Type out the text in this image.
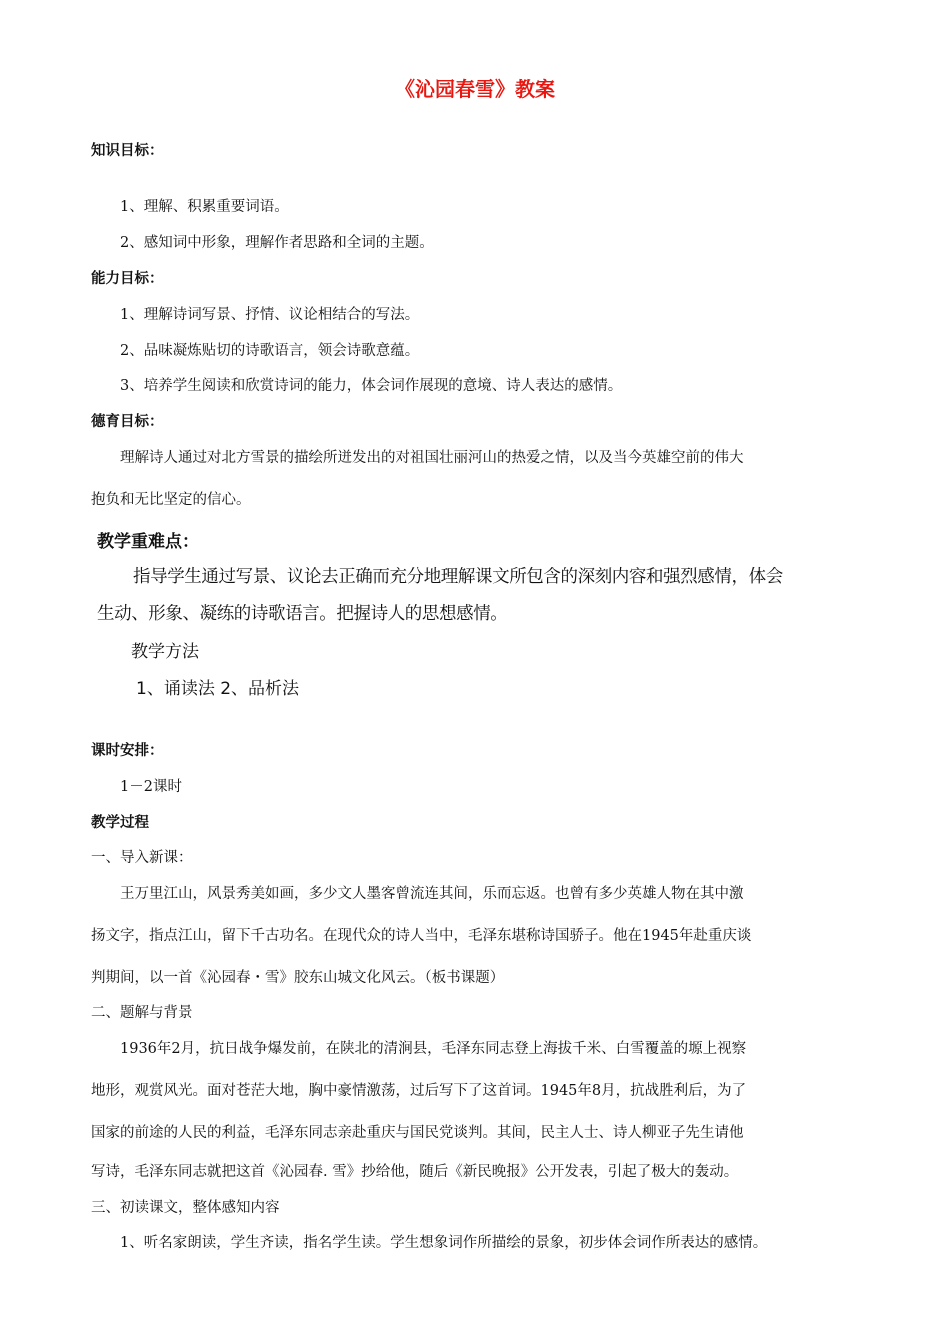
《沁园春雪》教案

知识目标：

1、理解、积累重要词语。

2、感知词中形象，理解作者思路和全词的主题。

能力目标：

1、理解诗词写景、抒情、议论相结合的写法。

2、品味凝炼贴切的诗歌语言，领会诗歌意蕴。

3、培养学生阅读和欣赏诗词的能力，体会词作展现的意境、诗人表达的感情。

德育目标：

理解诗人通过对北方雪景的描绘所迸发出的对祖国壮丽河山的热爱之情，以及当今英雄空前的伟大

抱负和无比坚定的信心。

教学重难点：

指导学生通过写景、议论去正确而充分地理解课文所包含的深刻内容和强烈感情，体会

生动、形象、凝练的诗歌语言。把握诗人的思想感情。

教学方法

1、诵读法 2、品析法

课时安排：

1－2课时

教学过程

一、导入新课：

王万里江山，风景秀美如画，多少文人墨客曾流连其间，乐而忘返。也曾有多少英雄人物在其中激

扬文字，指点江山，留下千古功名。在现代众的诗人当中，毛泽东堪称诗国骄子。他在1945年赴重庆谈

判期间，以一首《沁园春・雪》胶东山城文化风云。（板书课题）

二、题解与背景

1936年2月，抗日战争爆发前，在陕北的清涧县，毛泽东同志登上海拔千米、白雪覆盖的塬上视察

地形，观赏风光。面对苍茫大地，胸中豪情激荡，过后写下了这首词。1945年8月，抗战胜利后，为了

国家的前途的人民的利益，毛泽东同志亲赴重庆与国民党谈判。其间，民主人士、诗人柳亚子先生请他

写诗，毛泽东同志就把这首《沁园春. 雪》抄给他，随后《新民晚报》公开发表，引起了极大的轰动。

三、初读课文，整体感知内容

1、听名家朗读，学生齐读，指名学生读。学生想象词作所描绘的景象，初步体会词作所表达的感情。
